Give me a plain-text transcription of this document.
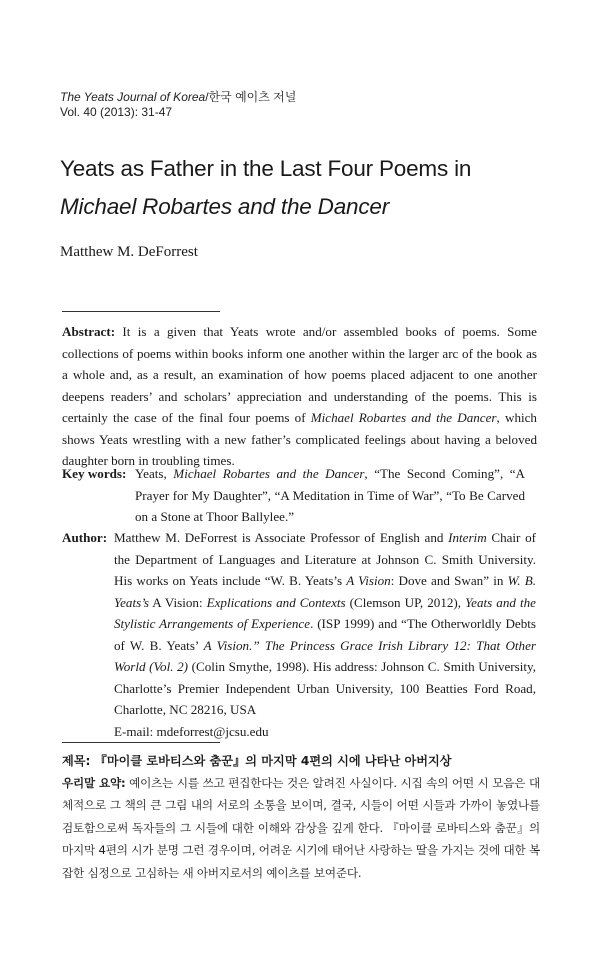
The Yeats Journal of Korea/한국 예이츠 저널
Vol. 40 (2013): 31-47
Yeats as Father in the Last Four Poems in
Michael Robartes and the Dancer
Matthew M. DeForrest
Abstract: It is a given that Yeats wrote and/or assembled books of poems. Some collections of poems within books inform one another within the larger arc of the book as a whole and, as a result, an examination of how poems placed adjacent to one another deepens readers’ and scholars’ appreciation and understanding of the poems. This is certainly the case of the final four poems of Michael Robartes and the Dancer, which shows Yeats wrestling with a new father’s complicated feelings about having a beloved daughter born in troubling times.
Key words: Yeats, Michael Robartes and the Dancer, “The Second Coming”, “A Prayer for My Daughter”, “A Meditation in Time of War”, “To Be Carved on a Stone at Thoor Ballylee.”
Author: Matthew M. DeForrest is Associate Professor of English and Interim Chair of the Department of Languages and Literature at Johnson C. Smith University. His works on Yeats include “W. B. Yeats’s A Vision: Dove and Swan” in W. B. Yeats’s A Vision: Explications and Contexts (Clemson UP, 2012), Yeats and the Stylistic Arrangements of Experience. (ISP 1999) and “The Otherworldly Debts of W. B. Yeats’ A Vision.” The Princess Grace Irish Library 12: That Other World (Vol. 2) (Colin Smythe, 1998). His address: Johnson C. Smith University, Charlotte’s Premier Independent Urban University, 100 Beatties Ford Road, Charlotte, NC 28216, USA
E-mail: mdeforrest@jcsu.edu
제목: 『마이클 로바티스와 춤꾼』의 마지막 4편의 시에 나타난 아버지상
우리말 요약: 예이츠는 시를 쓰고 편집한다는 것은 알려진 사실이다. 시집 속의 어떤 시 모음은 대체적으로 그 책의 큰 그림 내의 서로의 소통을 보이며, 결국, 시들이 어떤 시들과 가까이 놓였나를 검토함으로써 독자들의 그 시들에 대한 이해와 감상을 깊게 한다. 『마이클 로바티스와 춤꾼』의 마지막 4편의 시가 분명 그런 경우이며, 어려운 시기에 태어난 사랑하는 딸을 가지는 것에 대한 복잡한 심정으로 고심하는 새 아버지로서의 예이츠를 보여준다.
